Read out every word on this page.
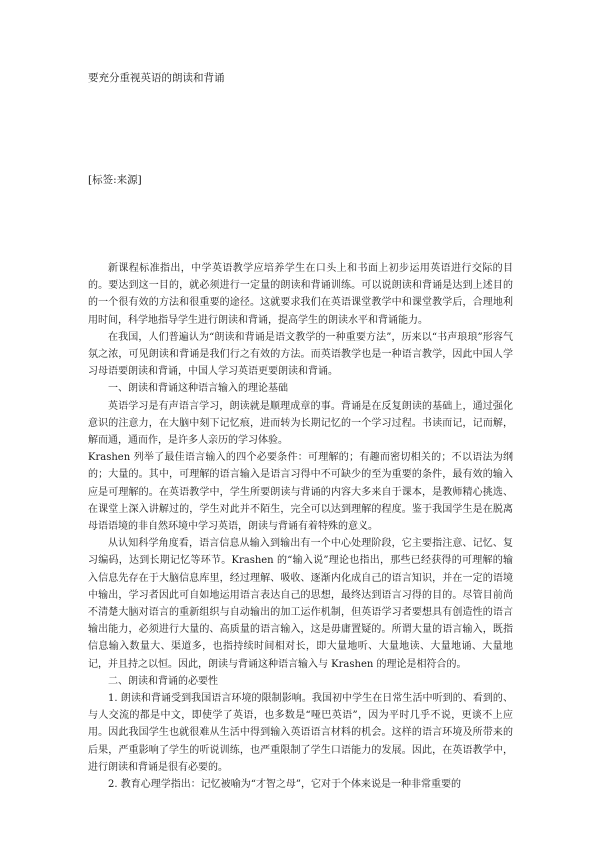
要充分重视英语的朗读和背诵
[标签:来源]

新课程标准指出，中学英语教学应培养学生在口头上和书面上初步运用英语进行交际的目的。要达到这一目的，就必须进行一定量的朗读和背诵训练。可以说朗读和背诵是达到上述目的的一个很有效的方法和很重要的途径。这就要求我们在英语课堂教学中和课堂教学后，合理地利用时间，科学地指导学生进行朗读和背诵，提高学生的朗读水平和背诵能力。

在我国，人们普遍认为“朗读和背诵是语文教学的一种重要方法”，历来以“书声琅琅”形容气氛之浓，可见朗读和背诵是我们行之有效的方法。而英语教学也是一种语言教学，因此中国人学习母语要朗读和背诵，中国人学习英语更要朗读和背诵。

一、朗读和背诵这种语言输入的理论基础

英语学习是有声语言学习，朗读就是顺理成章的事。背诵是在反复朗读的基础上，通过强化意识的注意力，在大脑中刻下记忆痕，进而转为长期记忆的一个学习过程。书读而记，记而解，解而通，通而作，是许多人亲历的学习体验。

Krashen 列举了最佳语言输入的四个必要条件：可理解的；有趣而密切相关的；不以语法为纲的；大量的。其中，可理解的语言输入是语言习得中不可缺少的至为重要的条件，最有效的输入应是可理解的。在英语教学中，学生所要朗读与背诵的内容大多来自于课本，是教师精心挑选、在课堂上深入讲解过的，学生对此并不陌生，完全可以达到理解的程度。鉴于我国学生是在脱离母语语境的非自然环境中学习英语，朗读与背诵有着特殊的意义。

从认知科学角度看，语言信息从输入到输出有一个中心处理阶段，它主要指注意、记忆、复习编码，达到长期记忆等环节。Krashen 的“输入说”理论也指出，那些已经获得的可理解的输入信息先存在于大脑信息库里，经过理解、吸收、逐渐内化成自己的语言知识，并在一定的语境中输出，学习者因此可自如地运用语言表达自己的思想，最终达到语言习得的目的。尽管目前尚不清楚大脑对语言的重新组织与自动输出的加工运作机制，但英语学习者要想具有创造性的语言输出能力，必须进行大量的、高质量的语言输入，这是毋庸置疑的。所谓大量的语言输入，既指信息输入数量大、渠道多，也指持续时间相对长，即大量地听、大量地读、大量地诵、大量地记，并且持之以恒。因此，朗读与背诵这种语言输入与 Krashen 的理论是相符合的。

二、朗读和背诵的必要性

1. 朗读和背诵受到我国语言环境的限制影响。我国初中学生在日常生活中听到的、看到的、与人交流的都是中文，即使学了英语，也多数是“哑巴英语”，因为平时几乎不说，更谈不上应用。因此我国学生也就很难从生活中得到输入英语语言材料的机会。这样的语言环境及所带来的后果，严重影响了学生的听说训练，也严重限制了学生口语能力的发展。因此，在英语教学中，进行朗读和背诵是很有必要的。

2. 教育心理学指出：记忆被喻为“才智之母”，它对于个体来说是一种非常重要的
